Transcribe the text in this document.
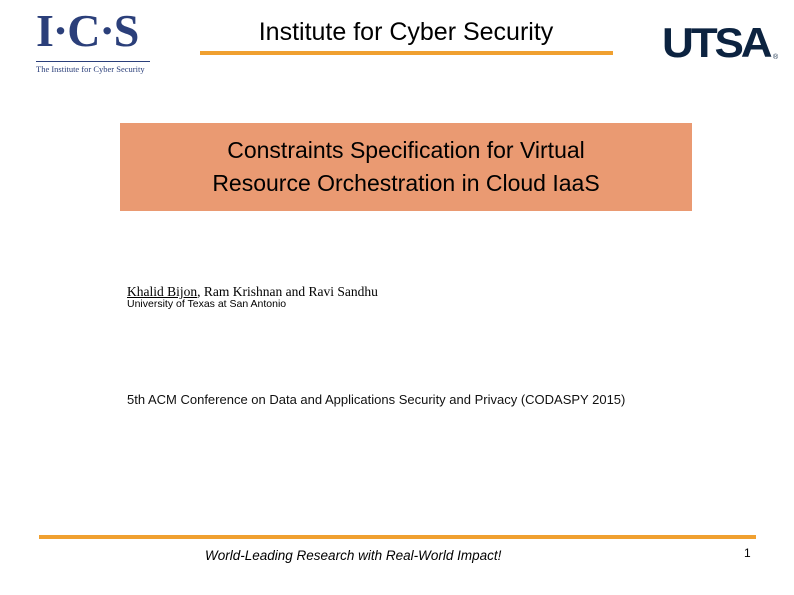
I·C·S
The Institute for Cyber Security
Institute for Cyber Security	UTSA ®
Constraints Specification for Virtual
Resource Orchestration in Cloud IaaS
Khalid Bijon, Ram Krishnan and Ravi Sandhu
University of Texas at San Antonio
5th ACM Conference on Data and Applications Security and Privacy (CODASPY 2015)
World-Leading Research with Real-World Impact!	1
